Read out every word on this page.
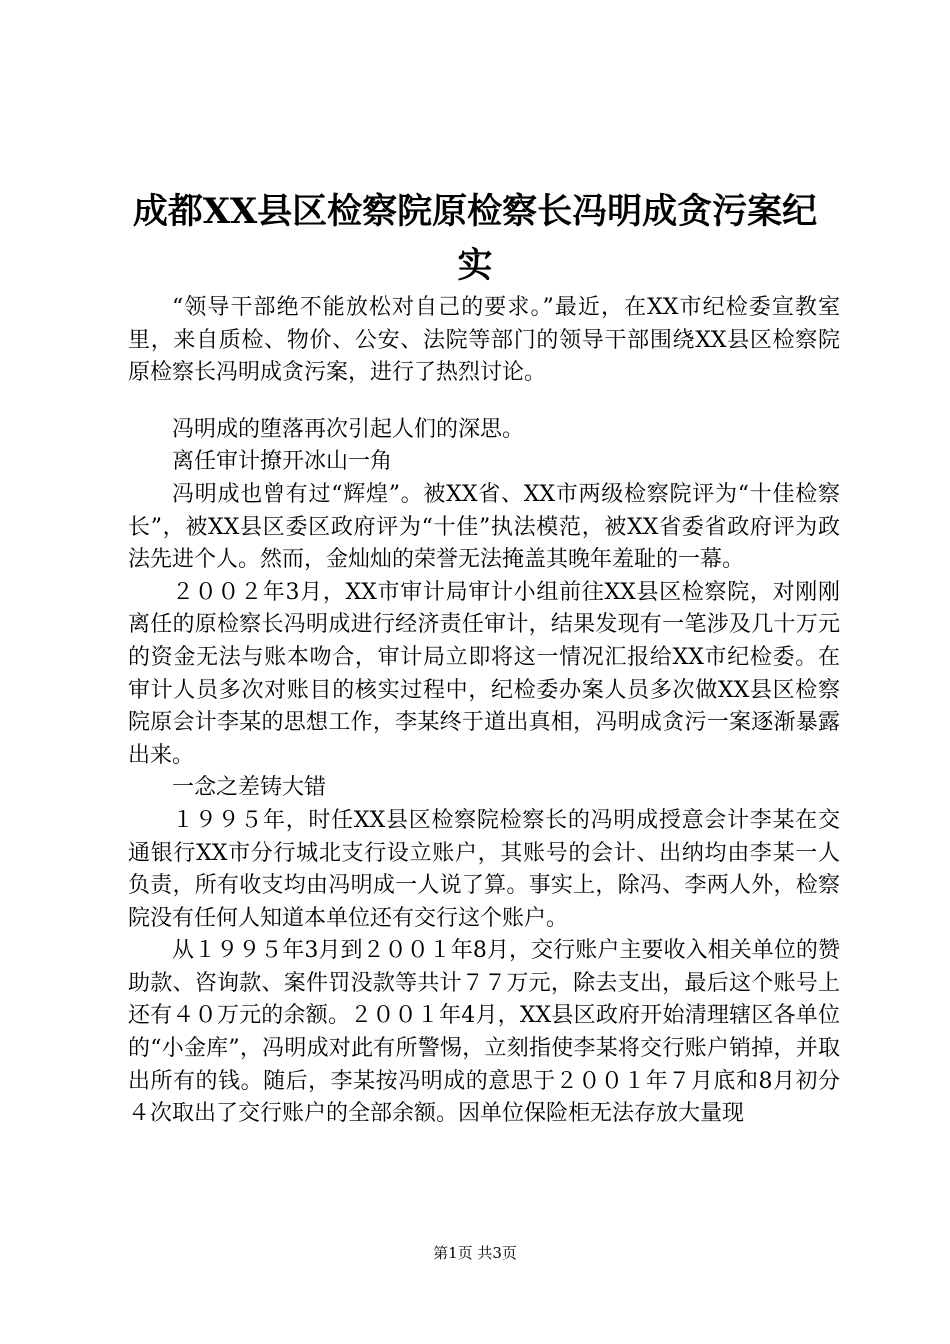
成都XX县区检察院原检察长冯明成贪污案纪
实

“领导干部绝不能放松对自己的要求。”最近，在XX市纪检委宣教室里，来自质检、物价、公安、法院等部门的领导干部围绕XX县区检察院原检察长冯明成贪污案，进行了热烈讨论。

冯明成的堕落再次引起人们的深思。

离任审计撩开冰山一角

冯明成也曾有过“辉煌”。被XX省、XX市两级检察院评为“十佳检察长”，被XX县区委区政府评为“十佳”执法模范，被XX省委省政府评为政法先进个人。然而，金灿灿的荣誉无法掩盖其晚年羞耻的一幕。

２００２年3月，XX市审计局审计小组前往XX县区检察院，对刚刚离任的原检察长冯明成进行经济责任审计，结果发现有一笔涉及几十万元的资金无法与账本吻合，审计局立即将这一情况汇报给XX市纪检委。在审计人员多次对账目的核实过程中，纪检委办案人员多次做XX县区检察院原会计李某的思想工作，李某终于道出真相，冯明成贪污一案逐渐暴露出来。

一念之差铸大错

１９９５年，时任XX县区检察院检察长的冯明成授意会计李某在交通银行XX市分行城北支行设立账户，其账号的会计、出纳均由李某一人负责，所有收支均由冯明成一人说了算。事实上，除冯、李两人外，检察院没有任何人知道本单位还有交行这个账户。

从１９９５年3月到２００１年8月，交行账户主要收入相关单位的赞助款、咨询款、案件罚没款等共计７７万元，除去支出，最后这个账号上还有４０万元的余额。２００１年4月，XX县区政府开始清理辖区各单位的“小金库”，冯明成对此有所警惕，立刻指使李某将交行账户销掉，并取出所有的钱。随后，李某按冯明成的意思于２００１年７月底和8月初分４次取出了交行账户的全部余额。因单位保险柜无法存放大量现

第1页 共3页
